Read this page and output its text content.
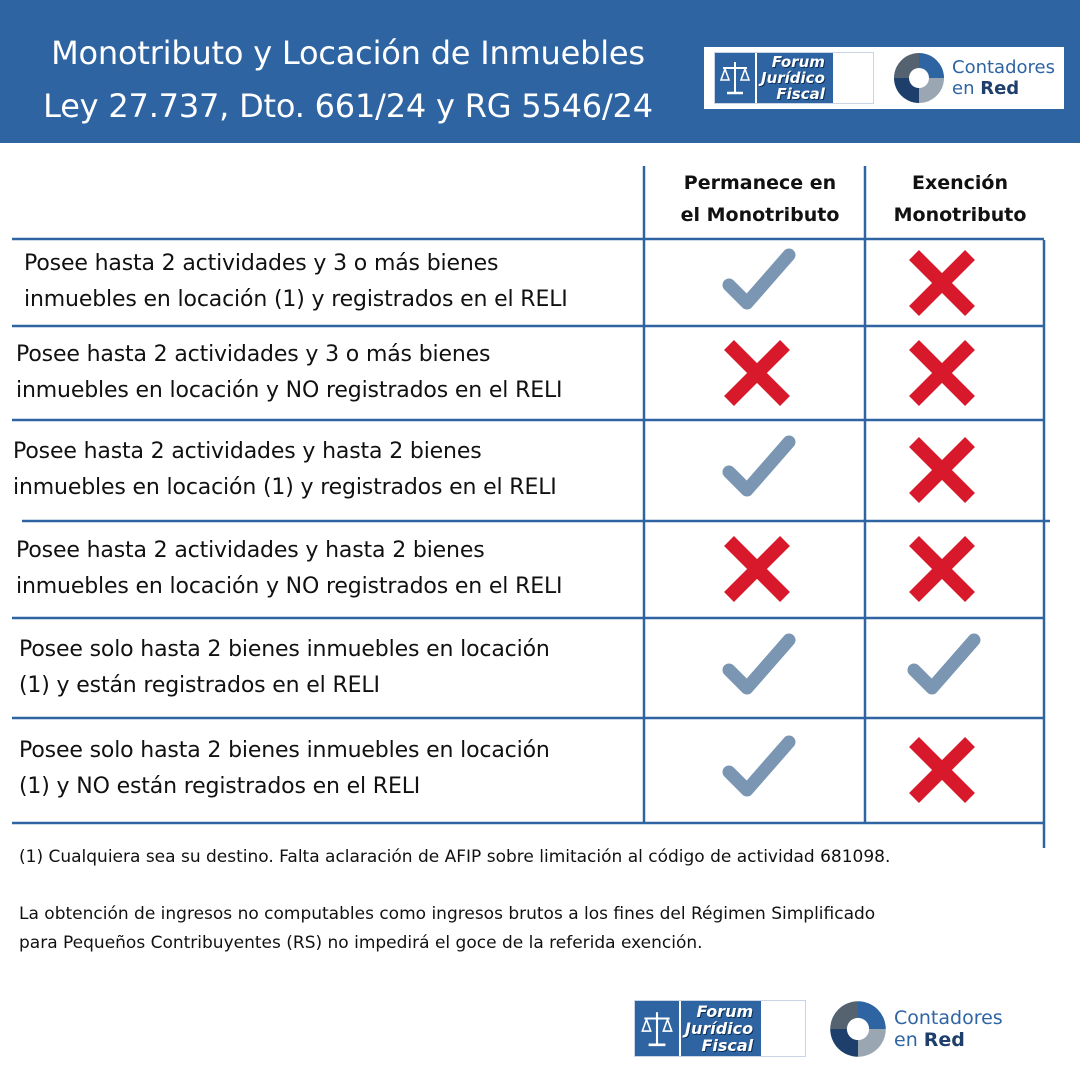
Monotributo y Locación de Inmuebles
Ley 27.737, Dto. 661/24 y RG 5546/24
Forum
Jurídico
Fiscal
Contadores
en Red
Permanece en
el Monotributo
Exención
Monotributo
Posee hasta 2 actividades y 3 o más bienes
inmuebles en locación (1) y registrados en el RELI
Posee hasta 2 actividades y 3 o más bienes
inmuebles en locación y NO registrados en el RELI
Posee hasta 2 actividades y hasta 2 bienes
inmuebles en locación (1) y registrados en el RELI
Posee hasta 2 actividades y hasta 2 bienes
inmuebles en locación y NO registrados en el RELI
Posee solo hasta 2 bienes inmuebles en locación
(1) y están registrados en el RELI
Posee solo hasta 2 bienes inmuebles en locación
(1) y NO están registrados en el RELI
(1) Cualquiera sea su destino. Falta aclaración de AFIP sobre limitación al código de actividad 681098.
La obtención de ingresos no computables como ingresos brutos a los fines del Régimen Simplificado
para Pequeños Contribuyentes (RS) no impedirá el goce de la referida exención.
Forum
Jurídico
Fiscal
Contadores
en Red
